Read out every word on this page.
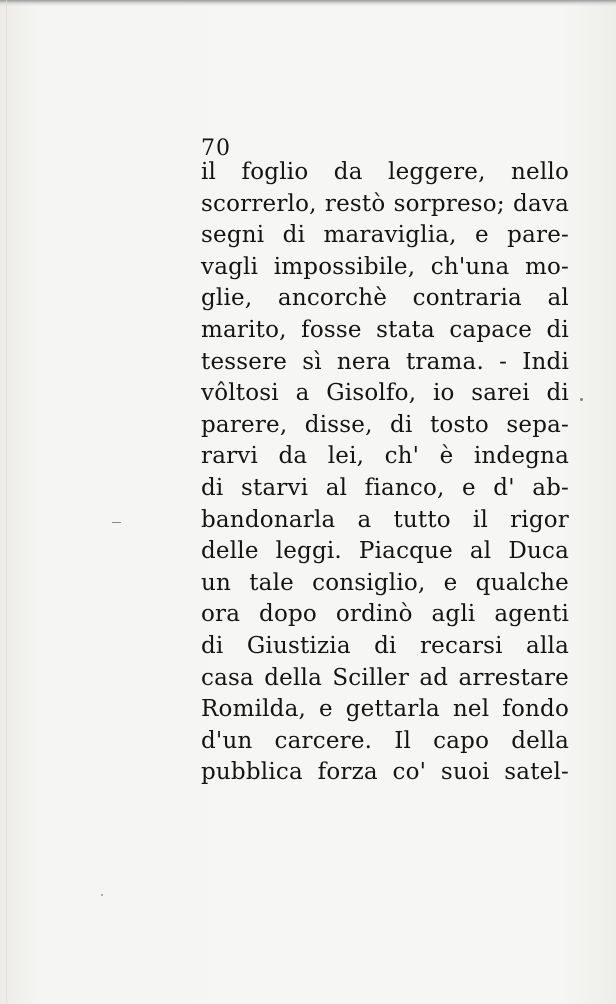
70
il foglio da leggere, nello
scorrerlo, restò sorpreso; dava
segni di maraviglia, e pare-
vagli impossibile, ch'una mo-
glie, ancorchè contraria al
marito, fosse stata capace di
tessere sì nera trama. - Indi
vôltosi a Gisolfo, io sarei di
parere, disse, di tosto sepa-
rarvi da lei, ch' è indegna
di starvi al fianco, e d' ab-
bandonarla a tutto il rigor
delle leggi. Piacque al Duca
un tale consiglio, e qualche
ora dopo ordinò agli agenti
di Giustizia di recarsi alla
casa della Sciller ad arrestare
Romilda, e gettarla nel fondo
d'un carcere. Il capo della
pubblica forza co' suoi satel-
